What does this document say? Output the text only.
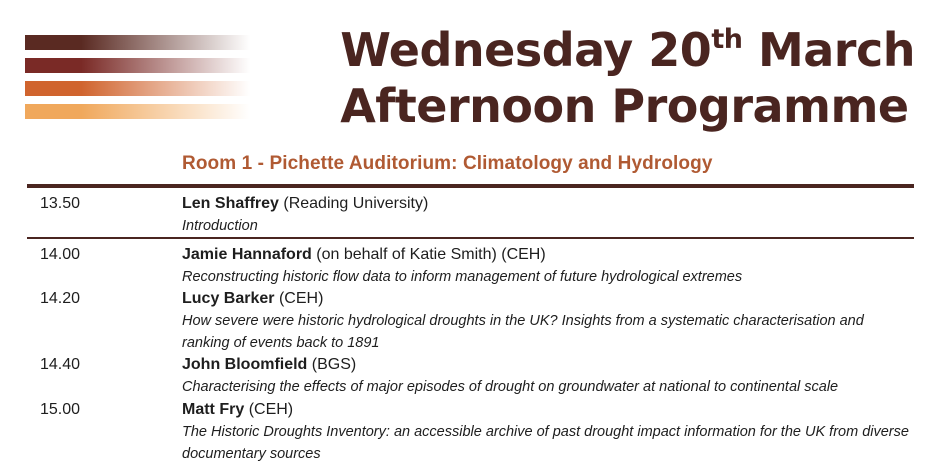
Wednesday 20th March
Afternoon Programme
Room 1 - Pichette Auditorium: Climatology and Hydrology
13.50	Len Shaffrey (Reading University)
Introduction
14.00	Jamie Hannaford (on behalf of Katie Smith) (CEH)
Reconstructing historic flow data to inform management of future hydrological extremes
14.20	Lucy Barker (CEH)
How severe were historic hydrological droughts in the UK? Insights from a systematic characterisation and ranking of events back to 1891
14.40	John Bloomfield (BGS)
Characterising the effects of major episodes of drought on groundwater at national to continental scale
15.00	Matt Fry (CEH)
The Historic Droughts Inventory: an accessible archive of past drought impact information for the UK from diverse documentary sources
